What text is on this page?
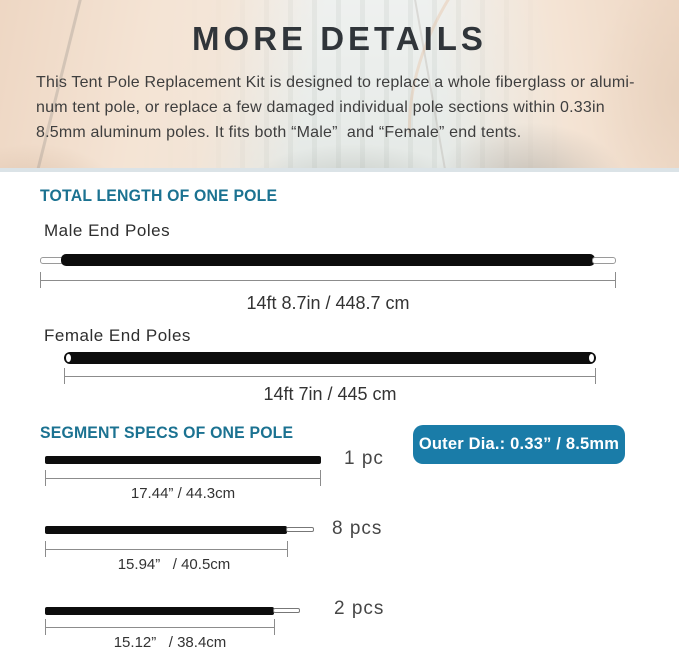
MORE DETAILS
This Tent Pole Replacement Kit is designed to replace a whole fiberglass or alumi-
num tent pole, or replace a few damaged individual pole sections within 0.33in
8.5mm aluminum poles. It fits both “Male”  and “Female” end tents.
TOTAL LENGTH OF ONE POLE
Male End Poles
14ft 8.7in / 448.7 cm
Female End Poles
14ft 7in / 445 cm
SEGMENT SPECS OF ONE POLE
Outer Dia.: 0.33” / 8.5mm
1 pc
17.44” / 44.3cm
8 pcs
15.94”   / 40.5cm
2 pcs
15.12”   / 38.4cm
